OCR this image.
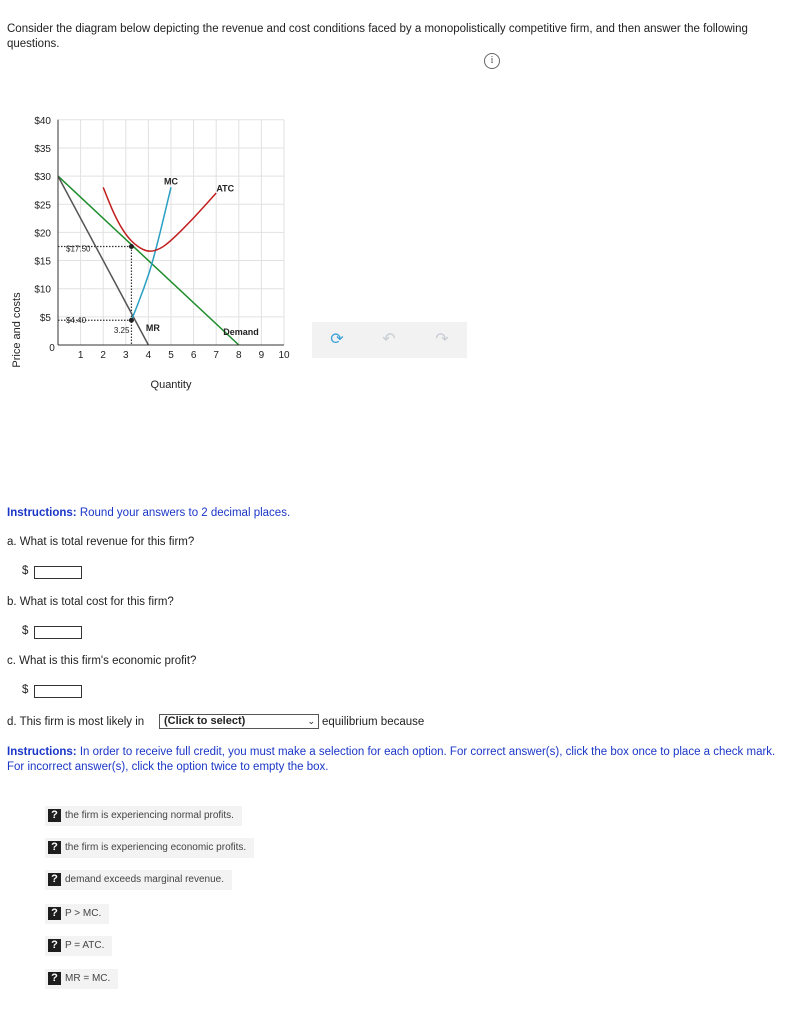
Consider the diagram below depicting the revenue and cost conditions faced by a monopolistically competitive firm, and then answer the following questions.
i
1 2 3 4 5 6 7 8 9 10
0
$5
$10
$15
$20
$25
$30
$35
$40
MC
ATC
Demand
MR
3.25
$17.50
$4.40
Price and costs
Quantity
⟳	↶	↷
Instructions: Round your answers to 2 decimal places.
a. What is total revenue for this firm?
$
b. What is total cost for this firm?
$
c. What is this firm's economic profit?
$
d. This firm is most likely in	(Click to select)	⌄ equilibrium because
Instructions: In order to receive full credit, you must make a selection for each option. For correct answer(s), click the box once to place a check mark. For incorrect answer(s), click the option twice to empty the box.
? the firm is experiencing normal profits.
? the firm is experiencing economic profits.
? demand exceeds marginal revenue.
? P > MC.
? P = ATC.
? MR = MC.
